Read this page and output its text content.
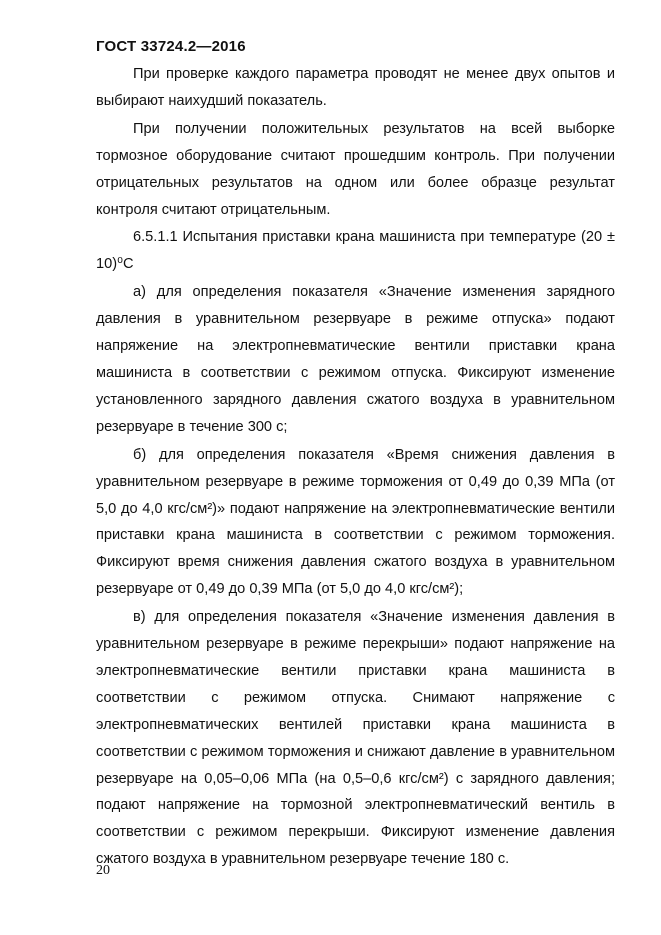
ГОСТ 33724.2—2016

При проверке каждого параметра проводят не менее двух опытов и выбирают наихудший показатель.

При получении положительных результатов на всей выборке тормозное оборудование считают прошедшим контроль. При получении отрицательных результатов на одном или более образце результат контроля считают отрицательным.

6.5.1.1 Испытания приставки крана машиниста при температуре (20 ± 10)⁰С

а) для определения показателя «Значение изменения зарядного давления в уравнительном резервуаре в режиме отпуска» подают напряжение на электропневматические вентили приставки крана машиниста в соответствии с режимом отпуска. Фиксируют изменение установленного зарядного давления сжатого воздуха в уравнительном резервуаре в течение 300 с;

б) для определения показателя «Время снижения давления в уравнительном резервуаре в режиме торможения от 0,49 до 0,39 МПа (от 5,0 до 4,0 кгс/см²)» подают напряжение на электропневматические вентили приставки крана машиниста в соответствии с режимом торможения. Фиксируют время снижения давления сжатого воздуха в уравнительном резервуаре от 0,49 до 0,39 МПа (от 5,0 до 4,0 кгс/см²);

в) для определения показателя «Значение изменения давления в уравнительном резервуаре в режиме перекрыши» подают напряжение на электропневматические вентили приставки крана машиниста в соответствии с режимом отпуска. Снимают напряжение с электропневматических вентилей приставки крана машиниста в соответствии с режимом торможения и снижают давление в уравнительном резервуаре на 0,05–0,06 МПа (на 0,5–0,6 кгс/см²) с зарядного давления; подают напряжение на тормозной электропневматический вентиль в соответствии с режимом перекрыши. Фиксируют изменение давления сжатого воздуха в уравнительном резервуаре течение 180 с.

20
